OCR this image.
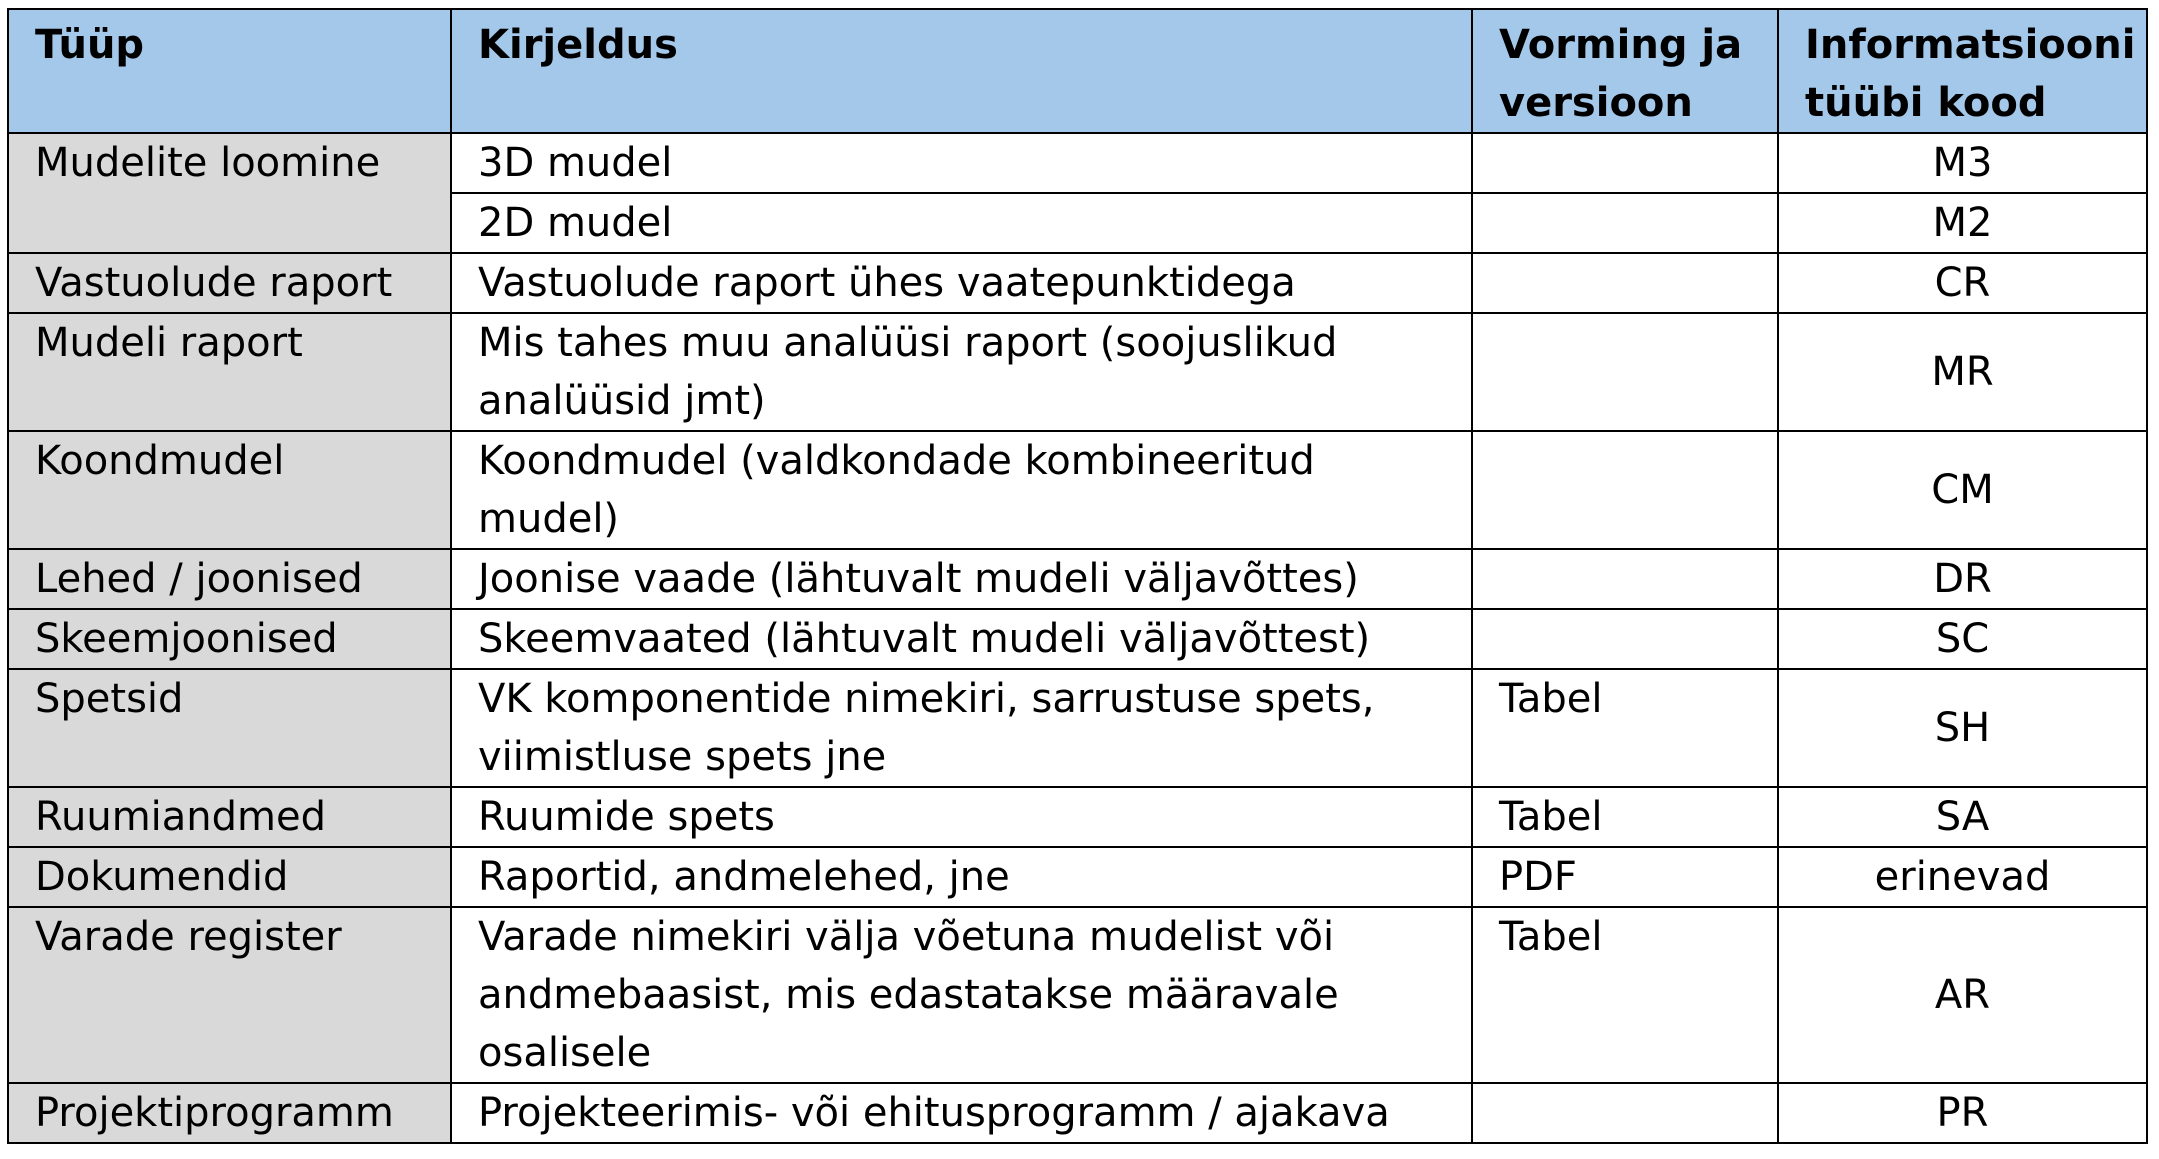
Tüüp	Kirjeldus	Vorming ja versioon	Informatsiooni tüübi kood
Mudelite loomine	3D mudel		M3
	2D mudel		M2
Vastuolude raport	Vastuolude raport ühes vaatepunktidega		CR
Mudeli raport	Mis tahes muu analüüsi raport (soojuslikud analüüsid jmt)		MR
Koondmudel	Koondmudel (valdkondade kombineeritud mudel)		CM
Lehed / joonised	Joonise vaade (lähtuvalt mudeli väljavõttes)		DR
Skeemjoonised	Skeemvaated (lähtuvalt mudeli väljavõttest)		SC
Spetsid	VK komponentide nimekiri, sarrustuse spets, viimistluse spets jne	Tabel	SH
Ruumiandmed	Ruumide spets	Tabel	SA
Dokumendid	Raportid, andmelehed, jne	PDF	erinevad
Varade register	Varade nimekiri välja võetuna mudelist või andmebaasist, mis edastatakse määravale osalisele	Tabel	AR
Projektiprogramm	Projekteerimis- või ehitusprogramm / ajakava		PR
